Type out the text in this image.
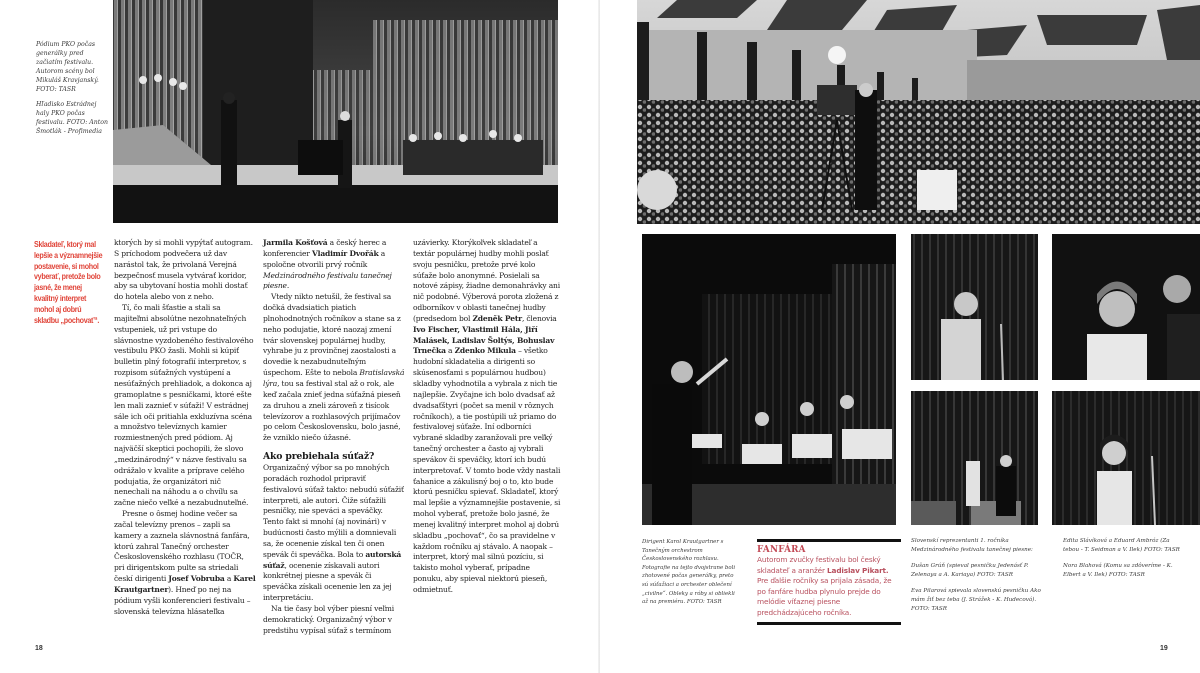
Pódium PKO počas generálky pred začiatím festivalu. Autorom scény bol Mikuláš Kravjanský. FOTO: TASR

Hľadisko Estrádnej haly PKO počas festivalu. FOTO: Anton Šmotlák - Profimedia

Skladateľ, ktorý mal lepšie a významnejšie postavenie, si mohol vyberať, pretože bolo jasné, že menej kvalitný interpret mohol aj dobrú skladbu „pochovať“.

ktorých by si mohli vypýtať autogram. S príchodom podvečera už dav narástol tak, že privolaná Verejná bezpečnosť musela vytvárať koridor, aby sa ubytovaní hostia mohli dostať do hotela alebo von z neho.

Tí, čo mali šťastie a stali sa majiteľmi absolútne nezohnateľných vstupeniek, už pri vstupe do slávnostne vyzdobeného festivalového vestibulu PKO žasli. Mohli si kúpiť bulletin plný fotografií interpretov, s rozpisom súťažných vystúpení a nesúťažných prehliadok, a dokonca aj gramoplatne s pesničkami, ktoré ešte len mali zaznieť v súťaži! V estrádnej sále ich oči pritiahla exkluzívna scéna a množstvo televíznych kamier rozmiestnených pred pódiom. Aj najväčší skeptici pochopili, že slovo „medzinárodný“ v názve festivalu sa odrážalo v kvalite a príprave celého podujatia, že organizátori nič nenechali na náhodu a o chvíľu sa začne niečo veľké a nezabudnuteľné.

Presne o ôsmej hodine večer sa začal televízny prenos – zapli sa kamery a zaznela slávnostná fanfára, ktorú zahral Tanečný orchester Československého rozhlasu (TOČR, pri dirigentskom pulte sa striedali českí dirigenti Josef Vobruba a Karel Krautgartner). Hneď po nej na pódium vyšli konferencieri festivalu – slovenská televízna hlásateľka

Jarmila Košťová a český herec a konferencier Vladimír Dvořák a spoločne otvorili prvý ročník Medzinárodného festivalu tanečnej piesne.

Vtedy nikto netušil, že festival sa dočká dvadsiatich piatich plnohodnotných ročníkov a stane sa z neho podujatie, ktoré naozaj zmení tvár slovenskej populárnej hudby, vyhrabe ju z provinčnej zaostalosti a dovedie k nezabudnuteľným úspechom. Ešte to nebola Bratislavská lýra, tou sa festival stal až o rok, ale keď začala znieť jedna súťažná pieseň za druhou a zneli zároveň z tisícok televízorov a rozhlasových prijímačov po celom Československu, bolo jasné, že vzniklo niečo úžasné.

Ako prebiehala súťaž?

Organizačný výbor sa po mnohých poradách rozhodol pripraviť festivalovú súťaž takto: nebudú súťažiť interpreti, ale autori. Čiže súťažili pesničky, nie speváci a speváčky. Tento fakt si mnohí (aj novinári) v budúcnosti často mýlili a domnievali sa, že ocenenie získal ten či onen spevák či speváčka. Bola to autorská súťaž, ocenenie získavali autori konkrétnej piesne a spevák či speváčka získali ocenenie len za jej interpretáciu.

Na tie časy bol výber piesní veľmi demokratický. Organizačný výbor v predstihu vypísal súťaž s termínom

uzávierky. Ktorýkoľvek skladateľ a textár populárnej hudby mohli poslať svoju pesničku, pretože prvé kolo súťaže bolo anonymné. Posielali sa notové zápisy, žiadne demonahrávky ani nič podobné. Výberová porota zložená z odborníkov v oblasti tanečnej hudby (predsedom bol Zdeněk Petr, členovia Ivo Fischer, Vlastimil Hála, Jiří Malásek, Ladislav Šoltýs, Bohuslav Trnečka a Zdenko Mikula – všetko hudobní skladatelia a dirigenti so skúsenosťami s populárnou hudbou) skladby vyhodnotila a vybrala z nich tie najlepšie. Zvyčajne ich bolo dvadsať až dvadsaťštyri (počet sa menil v rôznych ročníkoch), a tie postúpili už priamo do festivalovej súťaže. Iní odborníci vybrané skladby zaranžovali pre veľký tanečný orchester a často aj vybrali spevákov či speváčky, ktorí ich budú interpretovať. V tomto bode vždy nastali ťahanice a zákulisný boj o to, kto bude ktorú pesničku spievať. Skladateľ, ktorý mal lepšie a významnejšie postavenie, si mohol vyberať, pretože bolo jasné, že menej kvalitný interpret mohol aj dobrú skladbu „pochovať“, čo sa pravidelne v každom ročníku aj stávalo. A naopak – interpret, ktorý mal silnú pozíciu, si takisto mohol vyberať, prípadne ponuku, aby spieval niektorú pieseň, odmietnuť.

18
Dirigent Karol Krautgartner s Tanečným orchestrom Československého rozhlasu. Fotografie na tejto dvojstrane boli zhotovené počas generálky, preto sú súťažiaci a orchester oblečení „civilne“. Obleky a róby si obliekli až na premiéru. FOTO: TASR
FANFÁRA
Autorom zvučky festivalu bol český skladateľ a aranžér Ladislav Pikart. Pre ďalšie ročníky sa prijala zásada, že po fanfáre hudba plynulo prejde do melódie víťaznej piesne predchádzajúceho ročníka.

Slovenskí reprezentanti 1. ročníka Medzinárodného festivalu tanečnej piesne:

Dušan Grúň (spieval pesničku Jedenásť P. Zelenaya a A. Kariaya) FOTO: TASR

Eva Pilarová spievala slovenskú pesničku Ako mám žiť bez teba (J. Strážek - K. Hudecová). FOTO: TASR

Edita Slávíková a Eduard Ambróz (Za tebou - T. Seidman a V. Ilek) FOTO: TASR

Nora Blahová (Komu sa zdôveríme - K. Elbert a V. Ilek) FOTO: TASR

19
